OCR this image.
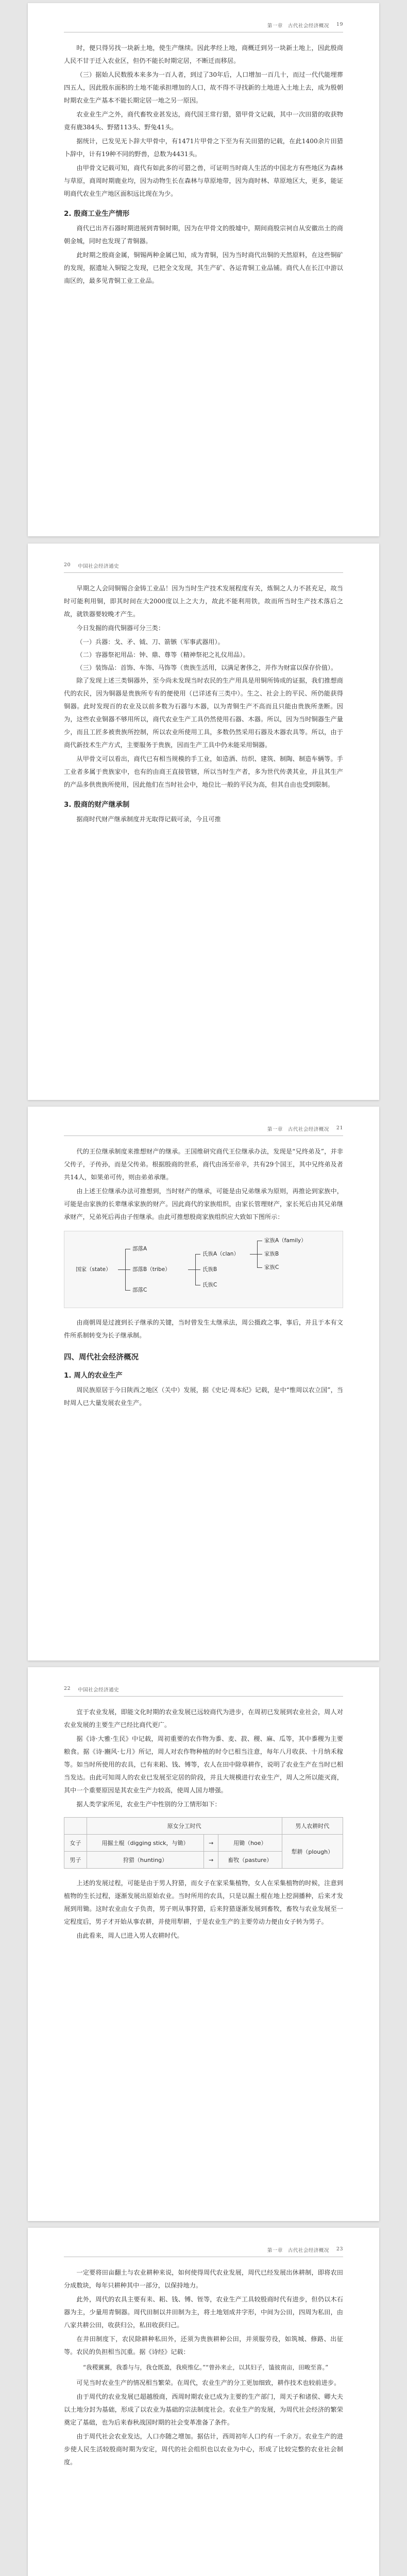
第一章　古代社会经济概况 19

时，便只得另找一块新土地，使生产继续。因此孝经上地，商概迁到另一块新土地上，因此殷商人民不甘于迁入农业区，但仍不能长时期定居，不断迁而移居。

（三）据始人民数殷本来多为一百人者，到过了30年后，人口增加一百几十，而过一代代能埋葬四五人，因此殷东面积的土地不能承担增加的人口，故不得不寻找新的土地进入土地上去，成为殷朝时期农业生产基本不能长期定居一地之另一原因。

农业业生产之外，商代畜牧业甚发达，商代国王常行猎，猎甲骨文记载，其中一次田猎的收获物竟有鹿384头、野猪113头、野兔41头。

据统计，已发见无卜辞大甲骨中，有1471片甲骨之下至为有关田猎的记载，在此1400余片田猎卜辞中，计有19种不同的野兽，总数为4431头。

由甲骨文记载可知，商代有如此多的可猎之兽，可证明当时商人生活的中国北方有些地区为森林与草原，商周时期鹿业均，因为动物生长在森林与草原地带，因为商时林、草原地区大，更多，能证明商代农业生产地区面积远比现在为少。

2. 殷商工业生产情形

商代已出齐石器时期进展到青铜时期，因为在甲骨文的殷墟中，期间商殷宗祠自从安徽出土的商朝金城，同时也发现了青铜器。

此时期之殷商金属，铜锡两种金属已知，成为青铜，因为当时商代出铜的天然原料，在这些铜矿的发现，据遗址入铜锭之发现，已把全文发现，其生产矿、各运青铜工业品铺。商代人在长江中游以南区的，最多见青铜工业工业品。

20 中国社会经济通史

早期之人会同铜锡合金铸工业品！因为当时生产技术发展程度有关，炼铜之人力不甚充足，故当时可能利用铜，即其时间在大2000度以上之大力，故此不能利用铁，故而所当时生产技术落后之故，就铁器要较晚才产生。

今日发掘的商代铜器可分三类：

（一）兵器：戈、矛、钺、刀、箭镞（军事武器用）。

（二）容器祭祀用品：钟、鼎、尊等（精神祭祀之礼仪用品）。

（三）装饰品：首饰、车饰、马饰等（贵族生活用，以满足奢侈之，并作为财富以保存价值）。

除了发现上述三类铜器外，至今尚未发现当时农民的生产用具是用铜所铸成的证据，我们推想商代的农民，因为铜器是贵族所专有的便使用（已详述有三类中）。生之、社会上的平民、所仍能获得铜器。此时发现百的农业及以前多数为石器与木器，以为青铜生产不高而且只能由贵族所垄断。因为，这些农业铜器不够用所以，商代农业生产工具仍然使用石器、木器。所以，因为当时铜器生产量少，而且工匠多被贵族所控制，所以农业所使用工具，多数仍然采用石器及木器农具等。所以，由于商代新技术生产方式，主要服务于贵族，因而生产工具中仍未能采用铜器。

从甲骨文可以看出，商代已有相当规模的手工业，如造酒、纺织、建筑、制陶、制造车辆等。手工业者多属于贵族家中，也有的由商王直接管辖，所以当时生产者，多为世代传袭其业，并且其生产的产品多供贵族所使用，因此他们在当时社会中，地位比一般的平民为高，但其自由也受到限制。

3. 殷商的财产继承制

据商时代财产继承制度并无取得记载可录，今且可推

第一章　古代社会经济概况 21

代的王位继承制度来推想财产的继承。王国维研究商代王位继承办法，发现是“兄终弟及”，并非父传子，子传孙，而是父传弟。根据殷商的世系，商代由汤至帝辛，共有29个国王，其中兄终弟及者共14人，如果弟可传，则由弟弟承继。

由上述王位继承办法可推想到，当时财产的继承，可能是由兄弟继承为原则，再推论到家族中，可能是由家族的长辈继承家族的财产。因此商代的家族组织，由家长管理财产，家长死后由其兄弟继承财产，兄弟死后再由子侄继承。由此可推想殷商家族组织应大致如下图所示：

国家（state）
部落A
部落B（tribe）
部落C
氏族A（clan）
氏族B
氏族C
家族A（family）
家族B
家族C

由商朝周是过渡到长子继承的关键，当时曾发生太继承法，周公摄政之事，事后，并且于本有文件所系制转变为长子继承制。

四、周代社会经济概况
1. 周人的农业生产

周民族原居于今日陕西之地区（关中）发展，据《史记·周本纪》记载，是中“惟周以农立国”，当时周人已大量发展农业生产。

22 中国社会经济通史

宜于农业发展，即能文化时期的农业发展已远较商代为进步，在周初已发展到农业社会，周人对农业发展的主要生产已经比商代更广。

据《诗·大雅·生民》中记载，周初重要的农作物为黍、麦、菽、稷、麻、瓜等，其中黍稷为主要粮食。据《诗·豳风·七月》所记，周人对农作物种植的时令已相当注意，每年八月收获、十月纳禾稼等。如当时所使用的农具，已有耒耜、钱、镈等，农人在田中除草耕作，说明了农业生产在当时已相当发达。由此可知周人的农业已发展至定居的阶段，并且大规模进行农业生产，周人之所以能灭商，其中一个重要原因是其农业生产力较高，使周人国力增强。

据人类学家所见，农业生产中性别的分工情形如下：

	原女分工时代			男人农耕时代
女子	用掘土棍（digging stick，与锄）	→	用锄（hoe）	犁耕（plough）
男子	狩猎（hunting）	→	畜牧（pasture）	

上述的发展过程，可能是由于男人狩猎，而女子在家采集植物，女人在采集植物的时候，注意到植物的生长过程，逐渐发展出原始农业。当时所用的农具，只是以掘土棍在地上挖洞播种，后来才发展到用锄。这时农业由女子负责，男子则从事狩猎，后来狩猎逐渐发展到畜牧，畜牧与农业发展至一定程度后，男子才开始从事农耕，并使用犁耕，于是农业生产的主要劳动力便由女子转为男子。

由此看来，周人已进入男人农耕时代。

第一章　古代社会经济概况 23

一定要将田亩翻土与农业耕种来说，如何使得周代农业发展，周代已经发展出休耕制，即将农田分成数块，每年只耕种其中一部分，以保持地力。

此外，周代的农具主要有耒、耜、钱、镈、铚等，农业生产工具较殷商时代有进步，但仍以木石器为主，少量用青铜器。周代田制以井田制为主，将土地划成井字形，中间为公田，四周为私田，由八家共耕公田，收获归公，私田收获归己。

在井田制度下，农民除耕种私田外，还须为贵族耕种公田，并须服劳役，如筑城、修路、出征等。农民的负担相当沉重。据《诗经》记载：

“我稷翼翼，我黍与与，我仓既盈，我庾维亿。”“曾孙来止，以其妇子，馌彼南亩，田畯至喜。”

可见当时农业生产的情况相当繁荣。在周代，农业生产的分工更加细致，耕作技术也较前进步。

由于周代的农业发展已超越殷商，西周时期农业已成为主要的生产部门，周天子和诸侯、卿大夫以土地分封为基础，形成了以农业为基础的宗法制度社会。农业生产的发展，为周代社会经济的繁荣奠定了基础，也为后来春秋战国时期的社会变革准备了条件。

由于周代社会农业发达，人口亦随之增加。据估计，西周初年人口约有一千余万。农业生产的进步使人民生活较殷商时期为安定，周代的社会组织也以农业为中心，形成了比较完整的农业社会制度。
